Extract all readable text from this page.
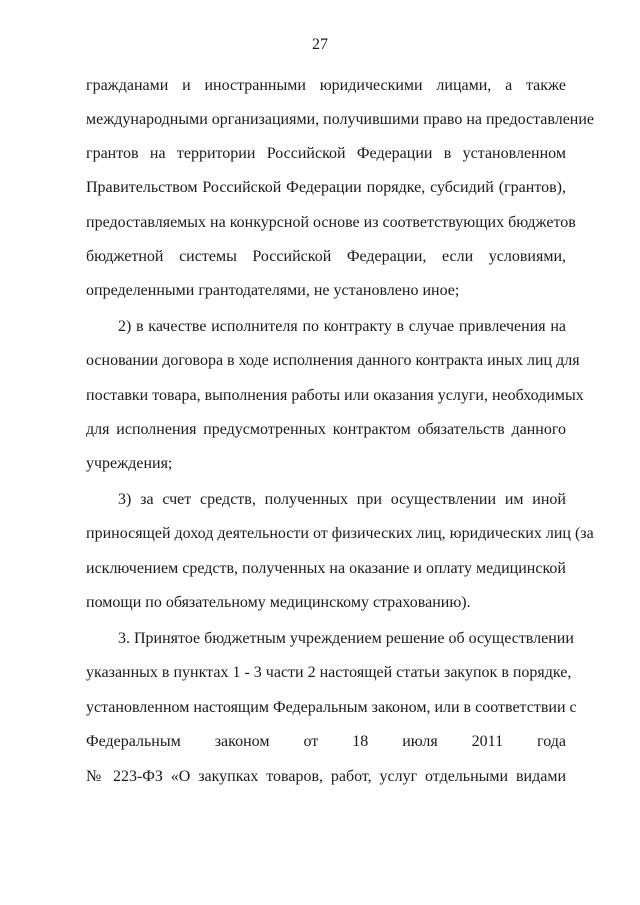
27
гражданами и иностранными юридическими лицами, а также
международными организациями, получившими право на предоставление
грантов на территории Российской Федерации в установленном
Правительством Российской Федерации порядке, субсидий (грантов),
предоставляемых на конкурсной основе из соответствующих бюджетов
бюджетной системы Российской Федерации, если условиями,
определенными грантодателями, не установлено иное;
2) в качестве исполнителя по контракту в случае привлечения на
основании договора в ходе исполнения данного контракта иных лиц для
поставки товара, выполнения работы или оказания услуги, необходимых
для исполнения предусмотренных контрактом обязательств данного
учреждения;
3) за счет средств, полученных при осуществлении им иной
приносящей доход деятельности от физических лиц, юридических лиц (за
исключением средств, полученных на оказание и оплату медицинской
помощи по обязательному медицинскому страхованию).
3. Принятое бюджетным учреждением решение об осуществлении
указанных в пунктах 1 - 3 части 2 настоящей статьи закупок в порядке,
установленном настоящим Федеральным законом, или в соответствии с
Федеральным законом от 18 июля 2011 года
№ 223-ФЗ «О закупках товаров, работ, услуг отдельными видами
